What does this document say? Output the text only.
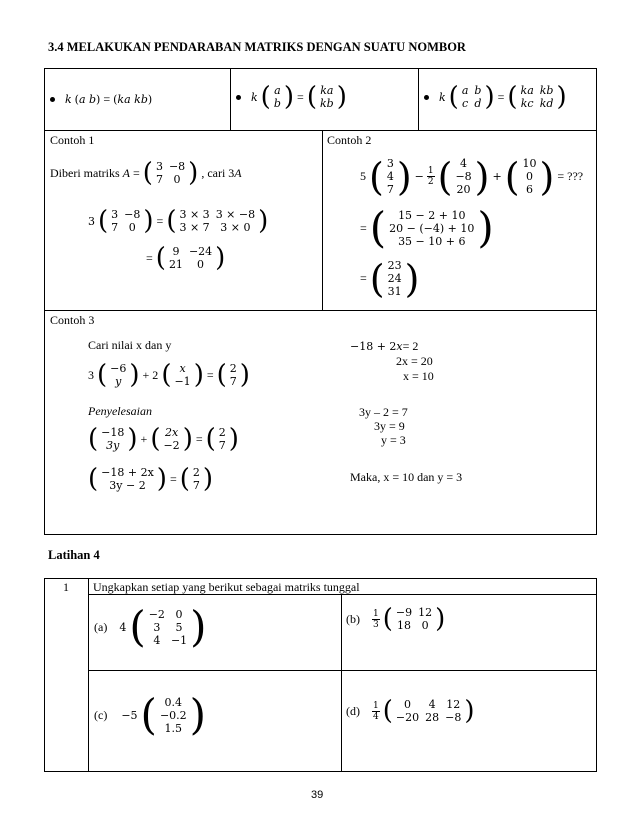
3.4 MELAKUKAN PENDARABAN MATRIKS DENGAN SUATU NOMBOR
k (𝑎 𝑏) = (𝑘𝑎 𝑘𝑏)	k ( a
b ) = ( ka
kb )	k ( a	b
c	d ) = ( ka	kb
kc	kd )
Contoh 1
Diberi matriks A = ( 3	−8
7	0 ) , cari 3 A
3 ( 3	−8
7	0 ) = ( 3 × 3	3 × −8
3 × 7	3 × 0 )
= ( 9	−24
21	0 )
Contoh 2
5 ( 3
4
7 ) − $\frac{1}{2}$ ( 4
−8
20 ) + ( 10
0
6 ) = ???
= ( 15 − 2 + 10
20 − (−4) + 10
35 − 10 + 6 )
= ( 23
24
31 )
Contoh 3
Cari nilai x dan y
3 ( −6
y ) + 2 ( x
−1 ) = ( 2
7 )
Penyelesaian
( −18
3y ) + ( 2x
−2 ) = ( 2
7 )
( −18 + 2x
3y − 2 ) = ( 2
7 )
−18 + 2𝑥 = 2
2x = 20
x = 10
3y – 2 = 7
3y = 9
y = 3
Maka, x = 10 dan y = 3
Latihan 4
1 Ungkapkan setiap yang berikut sebagai matriks tunggal
(a) 4 ( −2	0
3	5
4	−1 )	$(b) \frac{1}{3}$ ( −9	12
18	0 )
(c) −5 ( 0.4
−0.2
1.5 )	$(d) \frac{1}{4}$ ( 0	4	12
−20	28	−8 )
39
